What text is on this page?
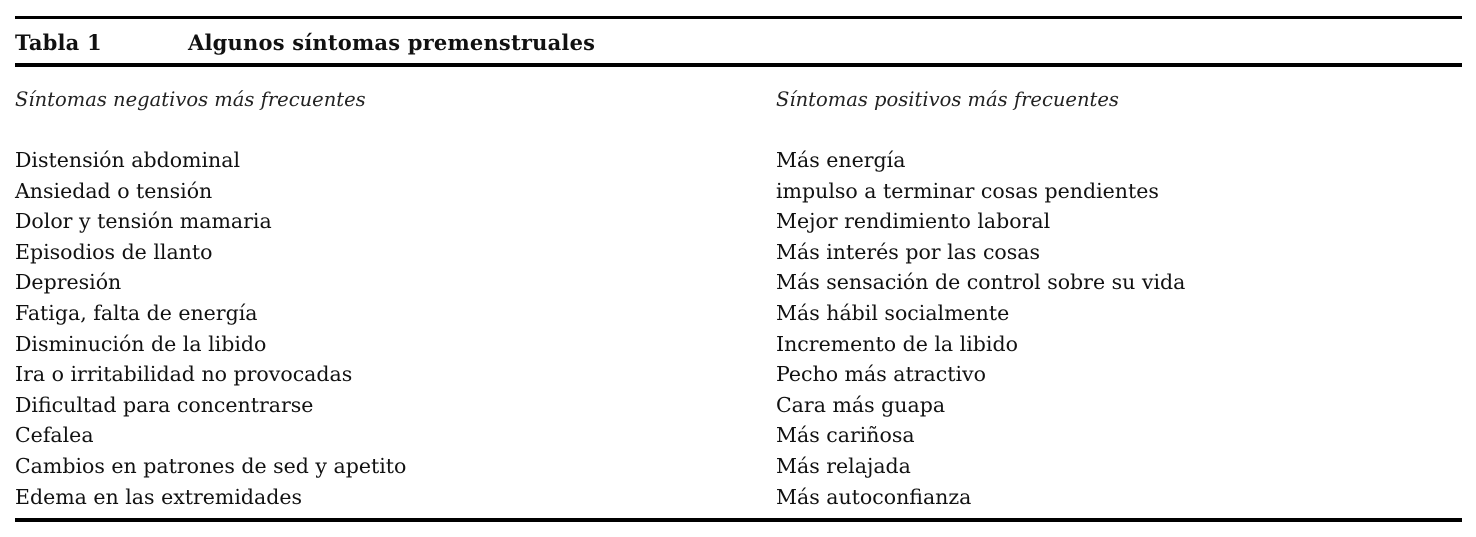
Tabla 1	Algunos síntomas premenstruales
Síntomas negativos más frecuentes
Distensión abdominal
Ansiedad o tensión
Dolor y tensión mamaria
Episodios de llanto
Depresión
Fatiga, falta de energía
Disminución de la libido
Ira o irritabilidad no provocadas
Dificultad para concentrarse
Cefalea
Cambios en patrones de sed y apetito
Edema en las extremidades
Síntomas positivos más frecuentes
Más energía
impulso a terminar cosas pendientes
Mejor rendimiento laboral
Más interés por las cosas
Más sensación de control sobre su vida
Más hábil socialmente
Incremento de la libido
Pecho más atractivo
Cara más guapa
Más cariñosa
Más relajada
Más autoconfianza
